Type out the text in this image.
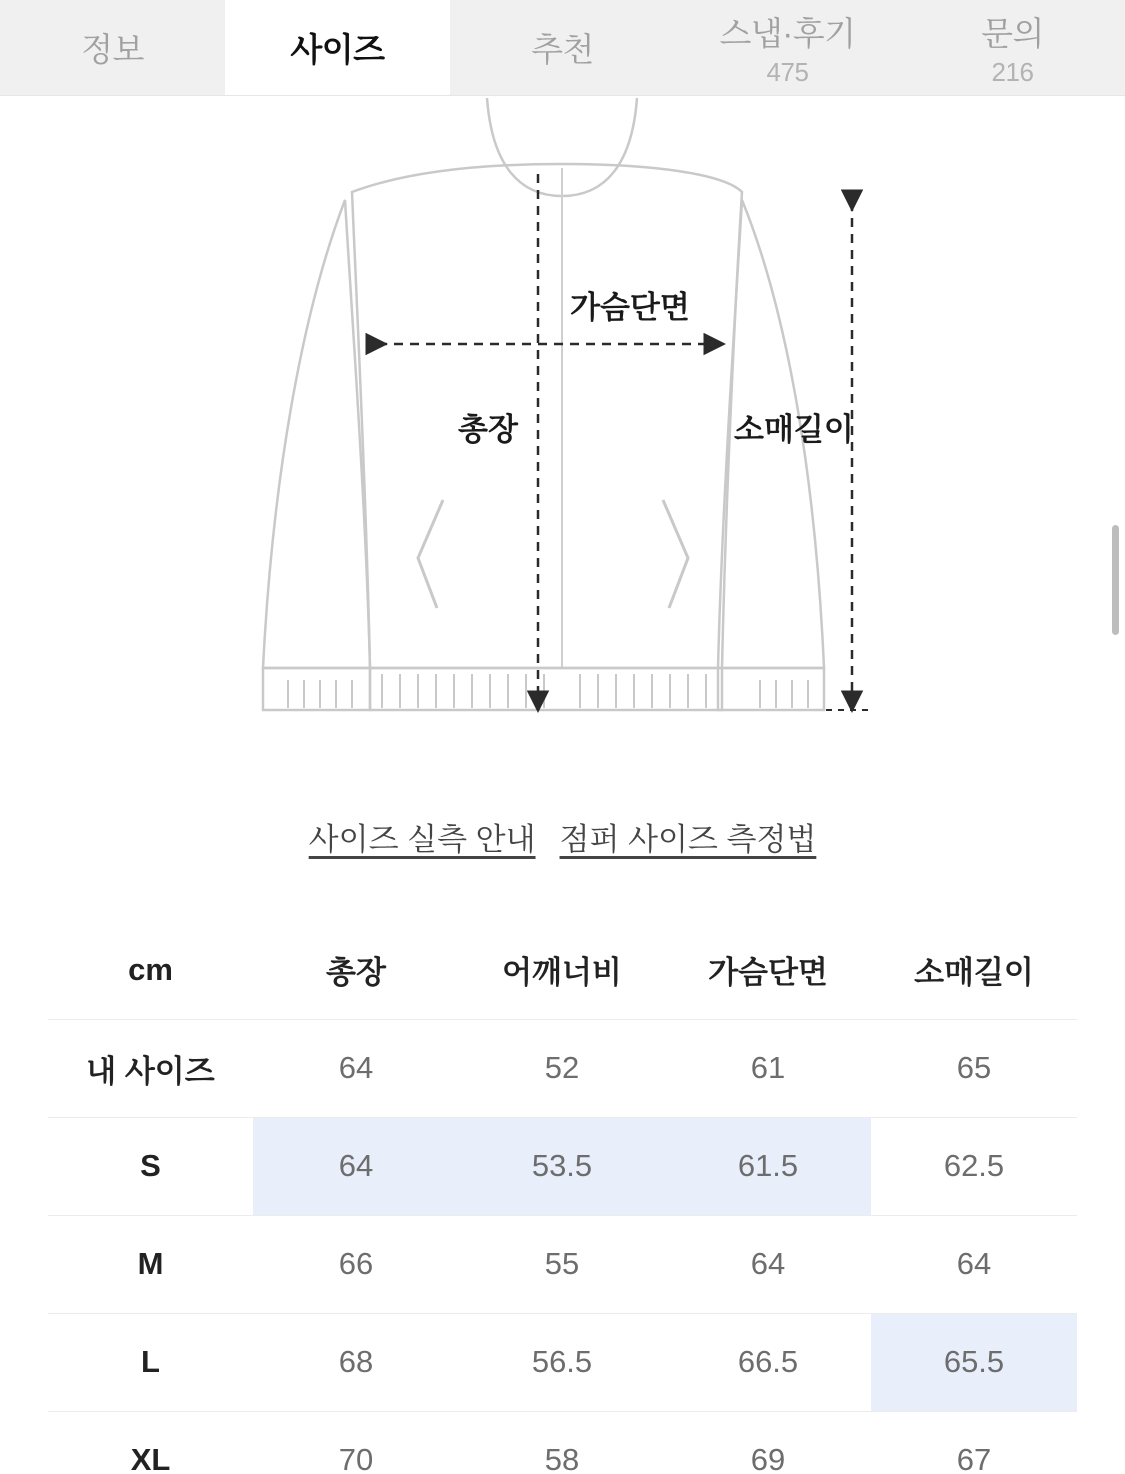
정보	사이즈	추천	스냅·후기
475
문의
216
가슴단면
총장	소매길이
사이즈 실측 안내 점퍼 사이즈 측정법
cm	총장	어깨너비	가슴단면	소매길이
내 사이즈	64	52	61	65
S	64	53.5	61.5	62.5
M	66	55	64	64
L	68	56.5	66.5	65.5
XL	70	58	69	67
